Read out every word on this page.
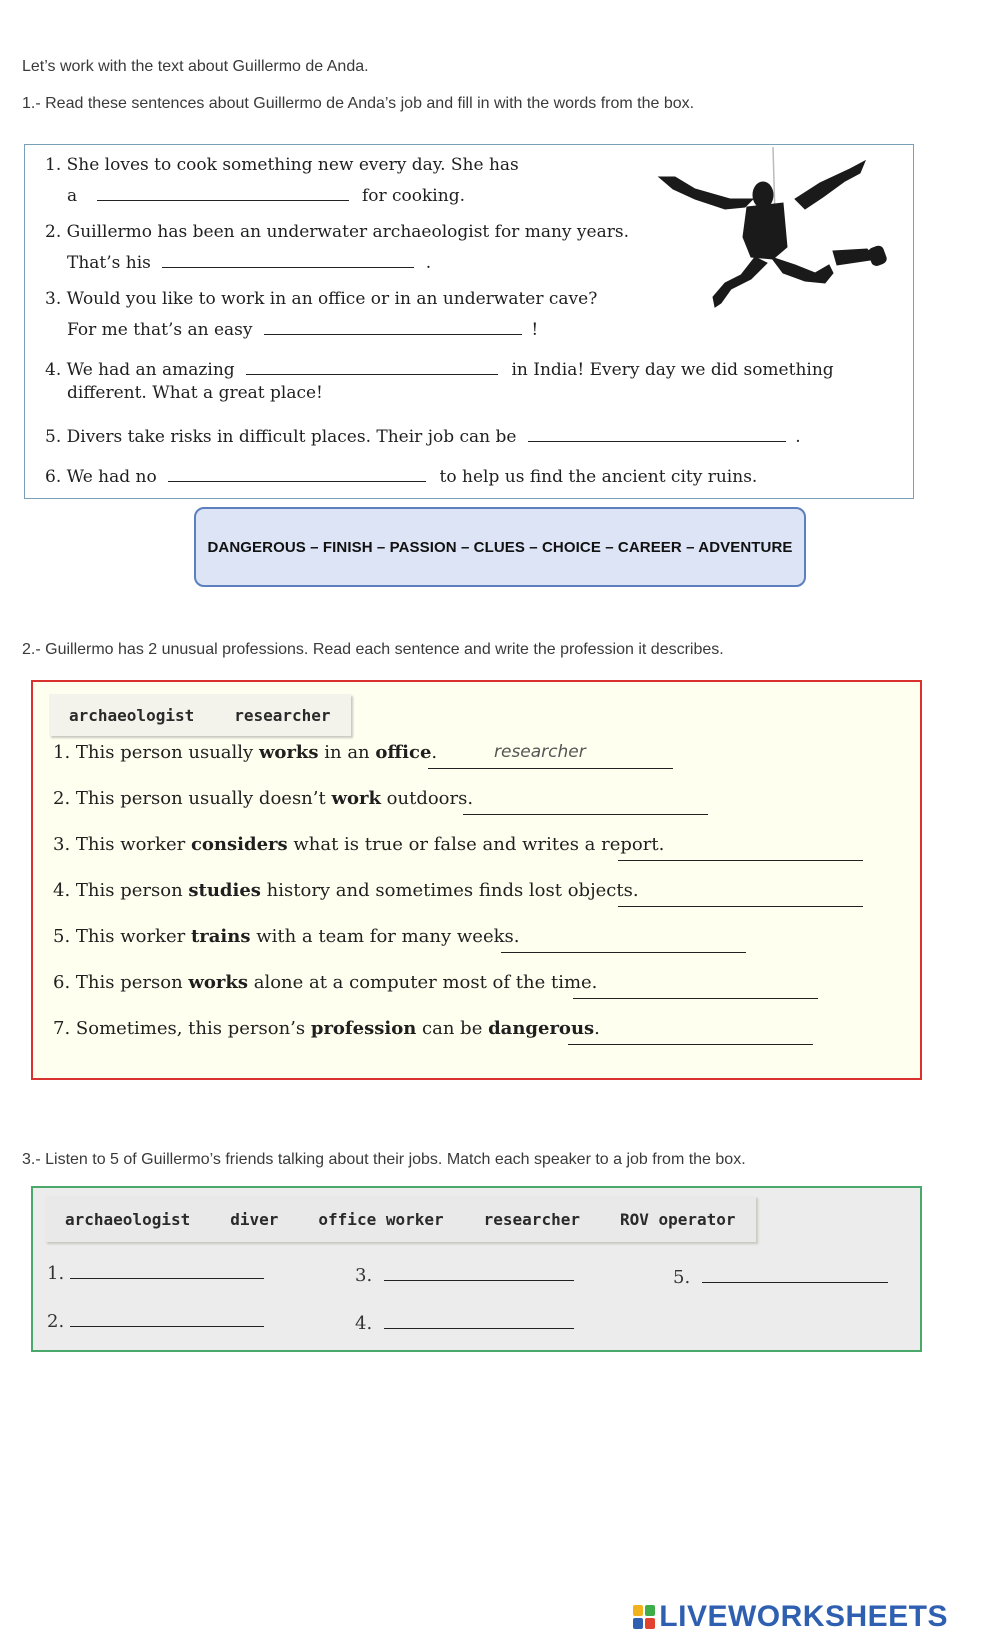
Let’s work with the text about Guillermo de Anda.
1.- Read these sentences about Guillermo de Anda’s job and fill in with the words from the box.
1. She loves to cook something new every day. She has
a	for cooking.
2. Guillermo has been an underwater archaeologist for many years.
That’s his	.
3. Would you like to work in an office or in an underwater cave?
For me that’s an easy	!
4. We had an amazing	in India! Every day we did something
different. What a great place!
5. Divers take risks in difficult places. Their job can be	.
6. We had no	to help us find the ancient city ruins.
DANGEROUS – FINISH – PASSION – CLUES – CHOICE – CAREER – ADVENTURE
2.- Guillermo has 2 unusual professions. Read each sentence and write the profession it describes.
archaeologist	researcher
1. This person usually works in an office.	researcher
2. This person usually doesn’t work outdoors.
3. This worker considers what is true or false and writes a report.
4. This person studies history and sometimes finds lost objects.
5. This worker trains with a team for many weeks.
6. This person works alone at a computer most of the time.
7. Sometimes, this person’s profession can be dangerous.
3.- Listen to 5 of Guillermo’s friends talking about their jobs. Match each speaker to a job from the box.
archaeologist	diver	office worker	researcher	ROV operator
1.
2.
3.
4.
5.
LIVEWORKSHEETS
